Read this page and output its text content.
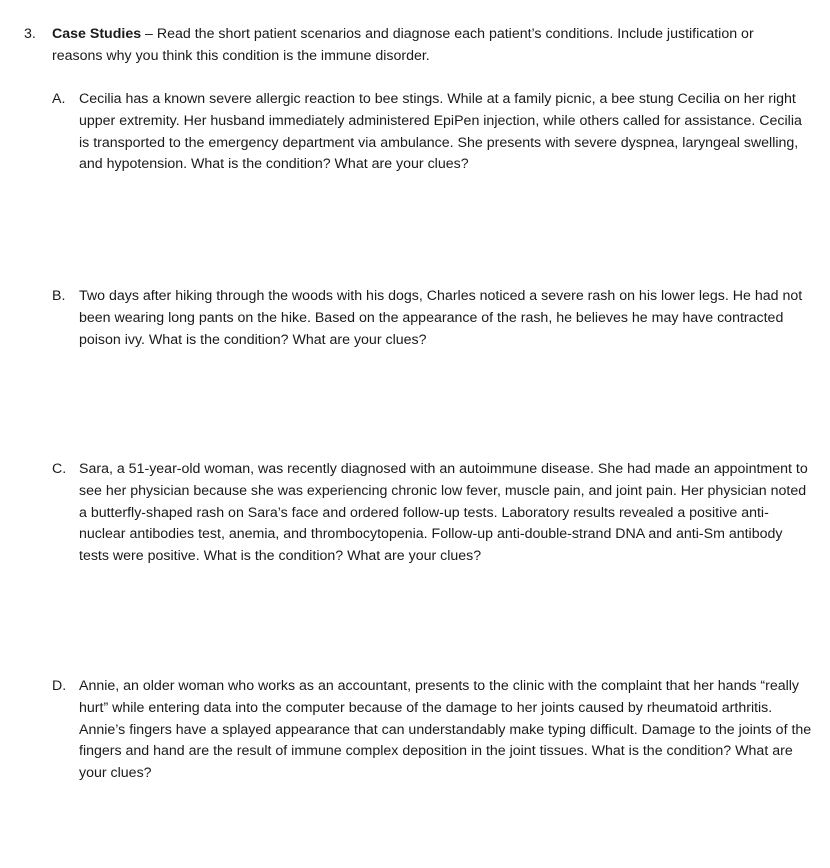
3.	Case Studies – Read the short patient scenarios and diagnose each patient’s conditions. Include justification or reasons why you think this condition is the immune disorder.
A. Cecilia has a known severe allergic reaction to bee stings. While at a family picnic, a bee stung Cecilia on her right upper extremity. Her husband immediately administered EpiPen injection, while others called for assistance. Cecilia is transported to the emergency department via ambulance. She presents with severe dyspnea, laryngeal swelling, and hypotension. What is the condition? What are your clues?
B. Two days after hiking through the woods with his dogs, Charles noticed a severe rash on his lower legs. He had not been wearing long pants on the hike. Based on the appearance of the rash, he believes he may have contracted poison ivy. What is the condition? What are your clues?
C. Sara, a 51-year-old woman, was recently diagnosed with an autoimmune disease. She had made an appointment to see her physician because she was experiencing chronic low fever, muscle pain, and joint pain. Her physician noted a butterfly-shaped rash on Sara’s face and ordered follow-up tests. Laboratory results revealed a positive anti-nuclear antibodies test, anemia, and thrombocytopenia. Follow-up anti-double-strand DNA and anti-Sm antibody tests were positive. What is the condition? What are your clues?
D. Annie, an older woman who works as an accountant, presents to the clinic with the complaint that her hands “really hurt” while entering data into the computer because of the damage to her joints caused by rheumatoid arthritis. Annie’s fingers have a splayed appearance that can understandably make typing difficult. Damage to the joints of the fingers and hand are the result of immune complex deposition in the joint tissues. What is the condition? What are your clues?
